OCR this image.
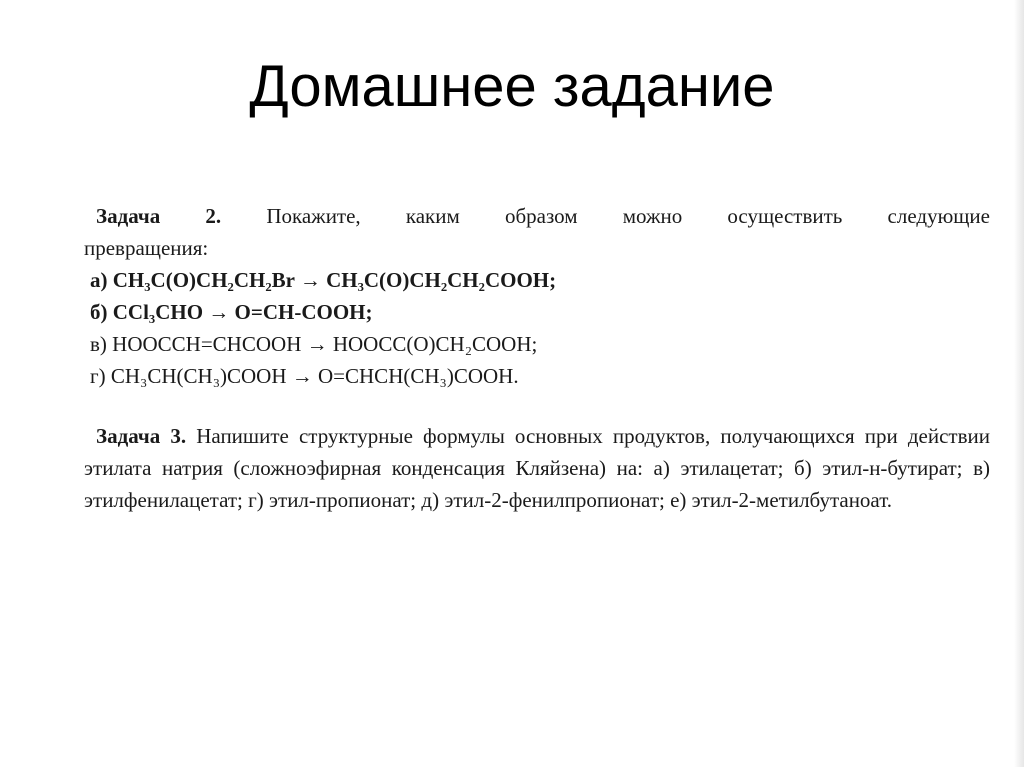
Домашнее задание
Задача 2. Покажите, каким образом можно осуществить следующие
превращения:
а) CH₃C(O)CH₂CH₂Br → CH₃C(O)CH₂CH₂COOH;
б) CCl₃CHO → O=CH-COOH;
в) HOOCCH=CHCOOH → HOOCC(O)CH₂COOH;
г) CH₃CH(CH₃)COOH → O=CHCH(CH₃)COOH.
Задача 3. Напишите структурные формулы основных продуктов, получающихся при действии этилата натрия (сложноэфирная конденсация Кляйзена) на: а) этилацетат; б) этил-н-бутират; в) этилфенилацетат; г) этил-пропионат; д) этил-2-фенилпропионат; е) этил-2-метилбутаноат.
